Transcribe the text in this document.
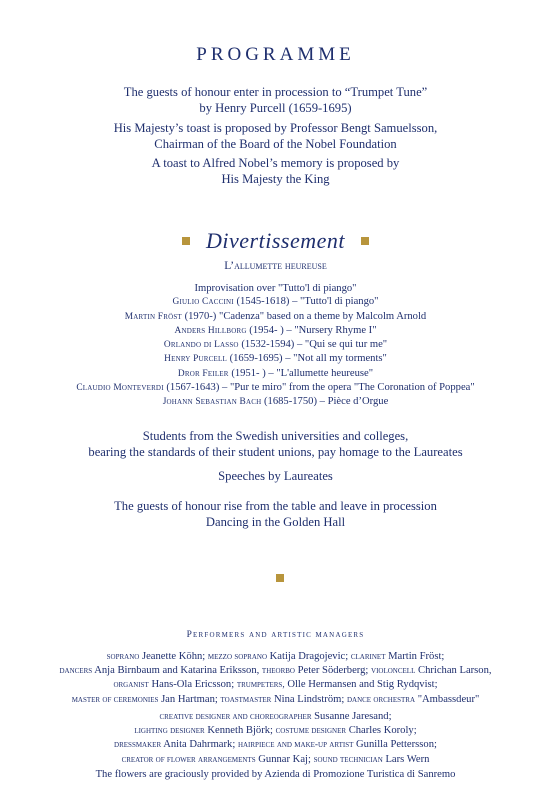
PROGRAMME
The guests of honour enter in procession to “Trumpet Tune”
by Henry Purcell (1659-1695)
His Majesty’s toast is proposed by Professor Bengt Samuelsson,
Chairman of the Board of the Nobel Foundation
A toast to Alfred Nobel’s memory is proposed by
His Majesty the King
Divertissement
L’allumette heureuse
Improvisation over "Tutto'l di piango"
Giulio Caccini (1545-1618) – "Tutto'l di piango"
Martin Fröst (1970-) "Cadenza" based on a theme by Malcolm Arnold
Anders Hillborg (1954- ) – "Nursery Rhyme I"
Orlando di Lasso (1532-1594) – "Qui se qui tur me"
Henry Purcell (1659-1695) – "Not all my torments"
Dror Feiler (1951- ) – "L'allumette heureuse"
Claudio Monteverdi (1567-1643) – "Pur te miro" from the opera "The Coronation of Poppea"
Johann Sebastian Bach (1685-1750) – Pièce d’Orgue
Students from the Swedish universities and colleges,
bearing the standards of their student unions, pay homage to the Laureates
Speeches by Laureates
The guests of honour rise from the table and leave in procession
Dancing in the Golden Hall
Performers and artistic managers
soprano Jeanette Köhn; mezzo soprano Katija Dragojevic; clarinet Martin Fröst;
dancers Anja Birnbaum and Katarina Eriksson, theorbo Peter Söderberg; violoncell Chrichan Larson,
organist Hans-Ola Ericsson; trumpeters, Olle Hermansen and Stig Rydqvist;
master of ceremonies Jan Hartman; toastmaster Nina Lindström; dance orchestra "Ambassdeur"
creative designer and choreographer Susanne Jaresand;
lighting designer Kenneth Björk; costume designer Charles Koroly;
dressmaker Anita Dahrmark; hairpiece and make-up artist Gunilla Pettersson;
creator of flower arrangements Gunnar Kaj; sound technician Lars Wern
The flowers are graciously provided by Azienda di Promozione Turistica di Sanremo
